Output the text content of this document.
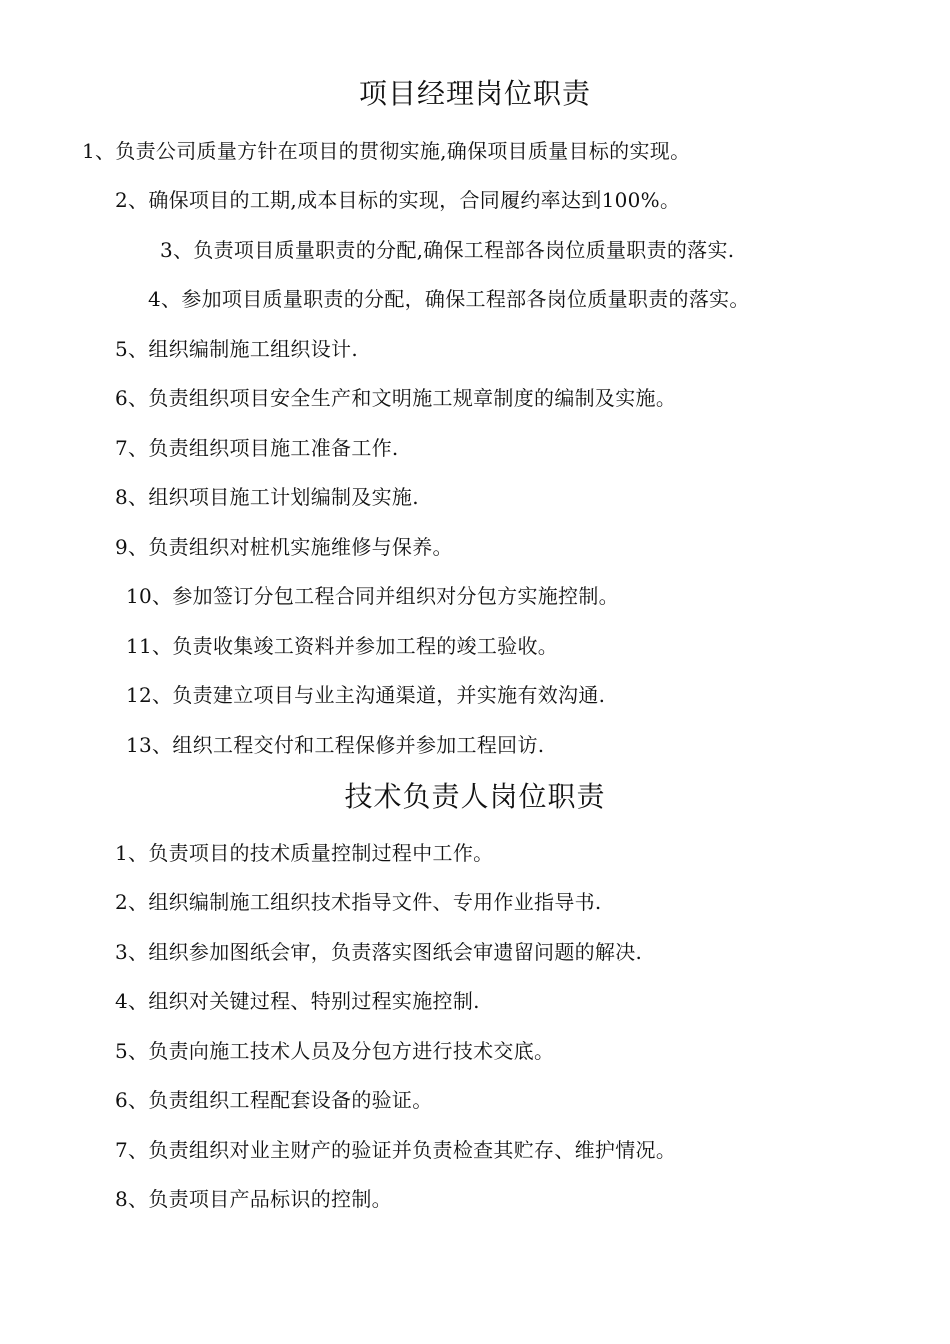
项目经理岗位职责
1、负责公司质量方针在项目的贯彻实施,确保项目质量目标的实现。
2、确保项目的工期,成本目标的实现，合同履约率达到100%。
3、负责项目质量职责的分配,确保工程部各岗位质量职责的落实.
4、参加项目质量职责的分配，确保工程部各岗位质量职责的落实。
5、组织编制施工组织设计.
6、负责组织项目安全生产和文明施工规章制度的编制及实施。
7、负责组织项目施工准备工作.
8、组织项目施工计划编制及实施.
9、负责组织对桩机实施维修与保养。
10、参加签订分包工程合同并组织对分包方实施控制。
11、负责收集竣工资料并参加工程的竣工验收。
12、负责建立项目与业主沟通渠道，并实施有效沟通.
13、组织工程交付和工程保修并参加工程回访.
技术负责人岗位职责
1、负责项目的技术质量控制过程中工作。
2、组织编制施工组织技术指导文件、专用作业指导书.
3、组织参加图纸会审，负责落实图纸会审遗留问题的解决.
4、组织对关键过程、特别过程实施控制.
5、负责向施工技术人员及分包方进行技术交底。
6、负责组织工程配套设备的验证。
7、负责组织对业主财产的验证并负责检查其贮存、维护情况。
8、负责项目产品标识的控制。
